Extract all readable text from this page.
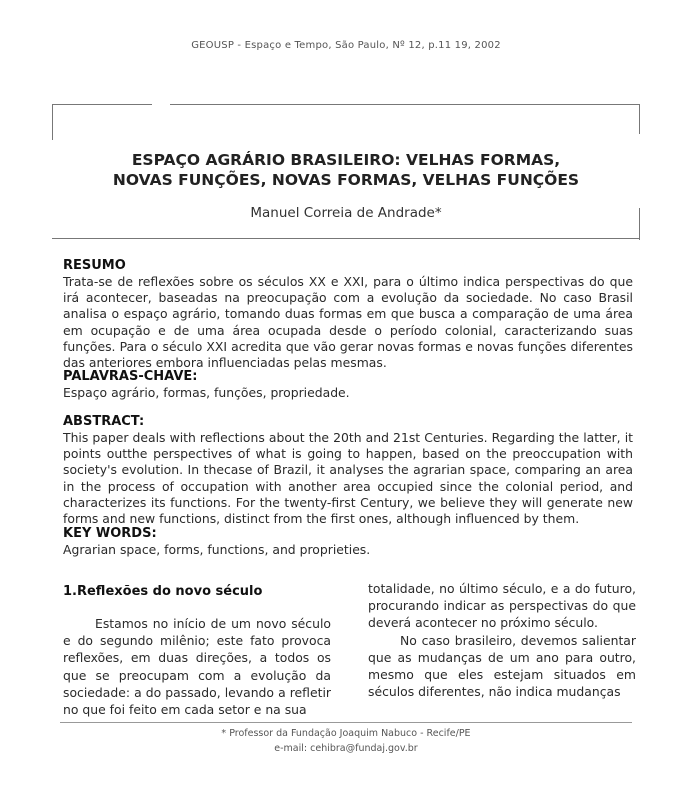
GEOUSP - Espaço e Tempo, São Paulo, Nº 12, p.11 19, 2002
ESPAÇO AGRÁRIO BRASILEIRO: VELHAS FORMAS,
NOVAS FUNÇÕES, NOVAS FORMAS, VELHAS FUNÇÕES
Manuel Correia de Andrade*
RESUMO
Trata-se de reflexões sobre os séculos XX e XXI, para o último indica perspectivas do que irá acontecer, baseadas na preocupação com a evolução da sociedade. No caso Brasil analisa o espaço agrário, tomando duas formas em que busca a comparação de uma área em ocupação e de uma área ocupada desde o período colonial, caracterizando suas funções. Para o século XXI acredita que vão gerar novas formas e novas funções diferentes das anteriores embora influenciadas pelas mesmas.
PALAVRAS-CHAVE:
Espaço agrário, formas, funções, propriedade.
ABSTRACT:
This paper deals with reflections about the 20th and 21st Centuries. Regarding the latter, it points outthe perspectives of what is going to happen, based on the preoccupation with society's evolution. In thecase of Brazil, it analyses the agrarian space, comparing an area in the process of occupation with another area occupied since the colonial period, and characterizes its functions. For the twenty-first Century, we believe they will generate new forms and new functions, distinct from the first ones, although influenced by them.
KEY WORDS:
Agrarian space, forms, functions, and proprieties.
1.Reflexões do novo século

Estamos no início de um novo século e do segundo milênio; este fato provoca reflexões, em duas direções, a todos os que se preocupam com a evolução da sociedade: a do passado, levando a refletir no que foi feito em cada setor e na sua

totalidade, no último século, e a do futuro, procurando indicar as perspectivas do que deverá acontecer no próximo século.

No caso brasileiro, devemos salientar que as mudanças de um ano para outro, mesmo que eles estejam situados em séculos diferentes, não indica mudanças

* Professor da Fundação Joaquim Nabuco - Recife/PE
e-mail: cehibra@fundaj.gov.br
